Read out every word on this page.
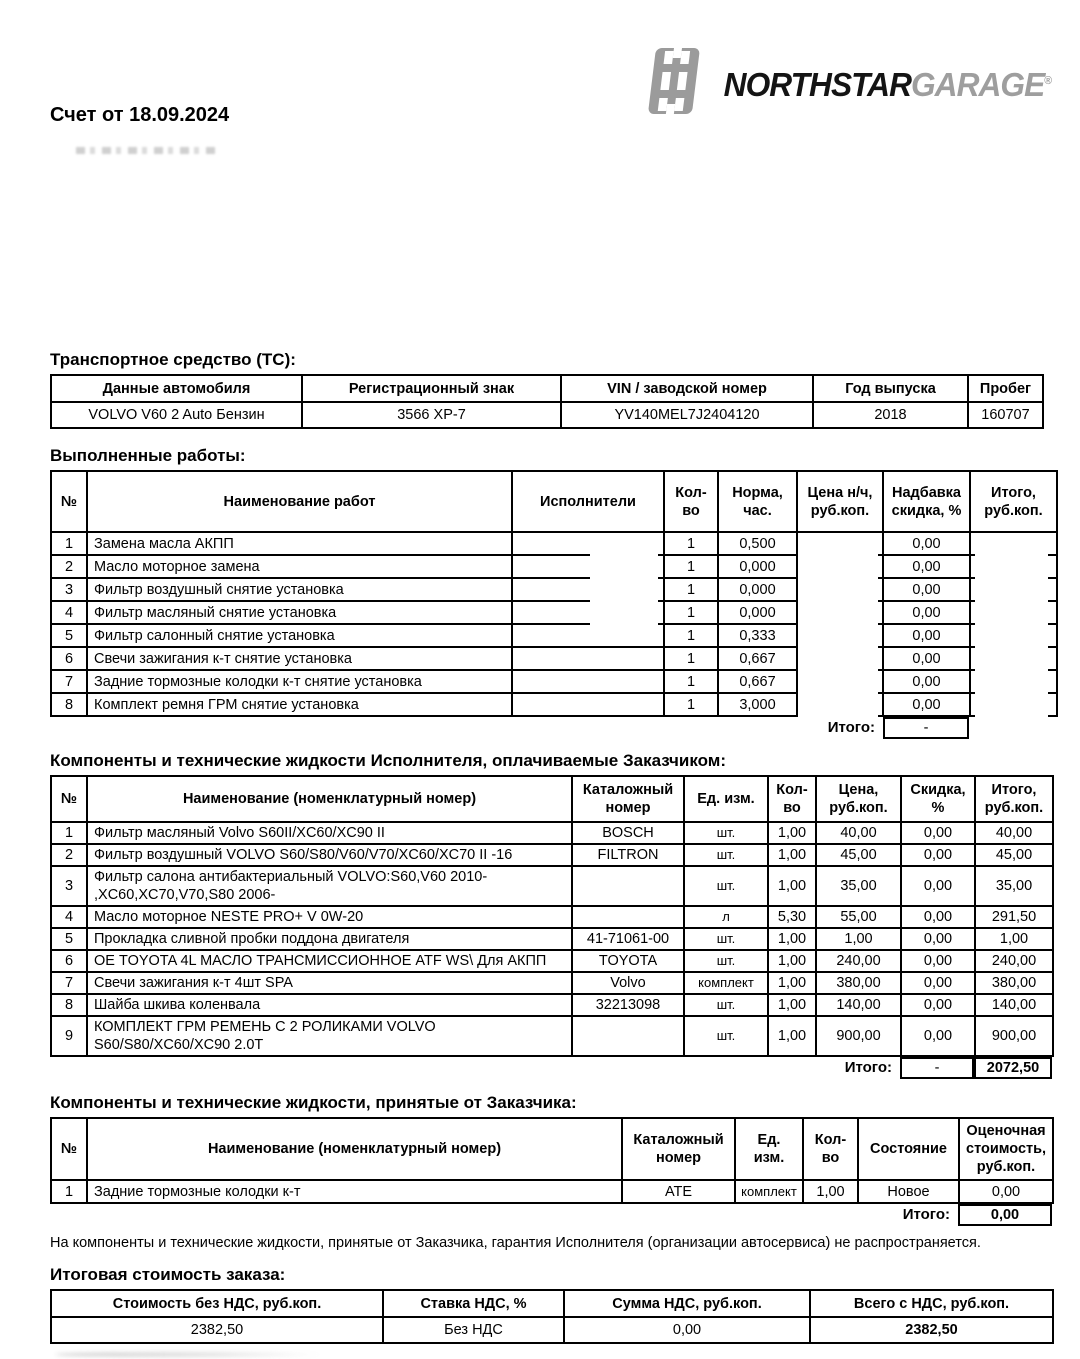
NORTHSTARGARAGE®
Счет от 18.09.2024
Транспортное средство (ТС):
Данные автомобиля	Регистрационный знак	VIN / заводской номер	Год выпуска	Пробег
VOLVO V60 2 Auto Бензин	3566 XP-7	YV140MEL7J2404120	2018	160707
Выполненные работы:
№	Наименование работ	Исполнители	Кол-во	Норма, час.	Цена н/ч, руб.коп.	Надбавка скидка, %	Итого, руб.коп.
1	Замена масла АКПП		1	0,500		0,00	
2	Масло моторное замена		1	0,000		0,00	
3	Фильтр воздушный снятие установка		1	0,000		0,00	
4	Фильтр масляный снятие установка		1	0,000		0,00	
5	Фильтр салонный снятие установка		1	0,333		0,00	
6	Свечи зажигания к-т снятие установка		1	0,667		0,00	
7	Задние тормозные колодки к-т снятие установка		1	0,667		0,00	
8	Комплект ремня ГРМ снятие установка		1	3,000		0,00	
Итого:	-
Компоненты и технические жидкости Исполнителя, оплачиваемые Заказчиком:
№	Наименование (номенклатурный номер)	Каталожный номер	Ед. изм.	Кол-во	Цена, руб.коп.	Скидка, %	Итого, руб.коп.
1	Фильтр масляный Volvo S60II/XC60/XC90 II	BOSCH	шт.	1,00	40,00	0,00	40,00
2	Фильтр воздушный VOLVO S60/S80/V60/V70/XC60/XC70 II -16	FILTRON	шт.	1,00	45,00	0,00	45,00
3	Фильтр салона антибактериальный VOLVO:S60,V60 2010- ,XC60,XC70,V70,S80 2006-		шт.	1,00	35,00	0,00	35,00
4	Масло моторное NESTE PRO+ V 0W-20		л	5,30	55,00	0,00	291,50
5	Прокладка сливной пробки поддона двигателя	41-71061-00	шт.	1,00	1,00	0,00	1,00
6	ОЕ TOYOTA 4L МАСЛО ТРАНСМИССИОННОЕ ATF WS\ Для АКПП	TOYOTA	шт.	1,00	240,00	0,00	240,00
7	Свечи зажигания к-т 4шт SPA	Volvo	комплект	1,00	380,00	0,00	380,00
8	Шайба шкива коленвала	32213098	шт.	1,00	140,00	0,00	140,00
9	КОМПЛЕКТ ГРМ РЕМЕНЬ С 2 РОЛИКАМИ VOLVO S60/S80/XC60/XC90 2.0T		шт.	1,00	900,00	0,00	900,00
Итого:	-	2072,50
Компоненты и технические жидкости, принятые от Заказчика:
№	Наименование (номенклатурный номер)	Каталожный номер	Ед. изм.	Кол-во	Состояние	Оценочная стоимость, руб.коп.
1	Задние тормозные колодки к-т	ATE	комплект	1,00	Новое	0,00
Итого:	0,00
На компоненты и технические жидкости, принятые от Заказчика, гарантия Исполнителя (организации автосервиса) не распространяется.
Итоговая стоимость заказа:
Стоимость без НДС, руб.коп.	Ставка НДС, %	Сумма НДС, руб.коп.	Всего с НДС, руб.коп.
2382,50	Без НДС	0,00	2382,50
